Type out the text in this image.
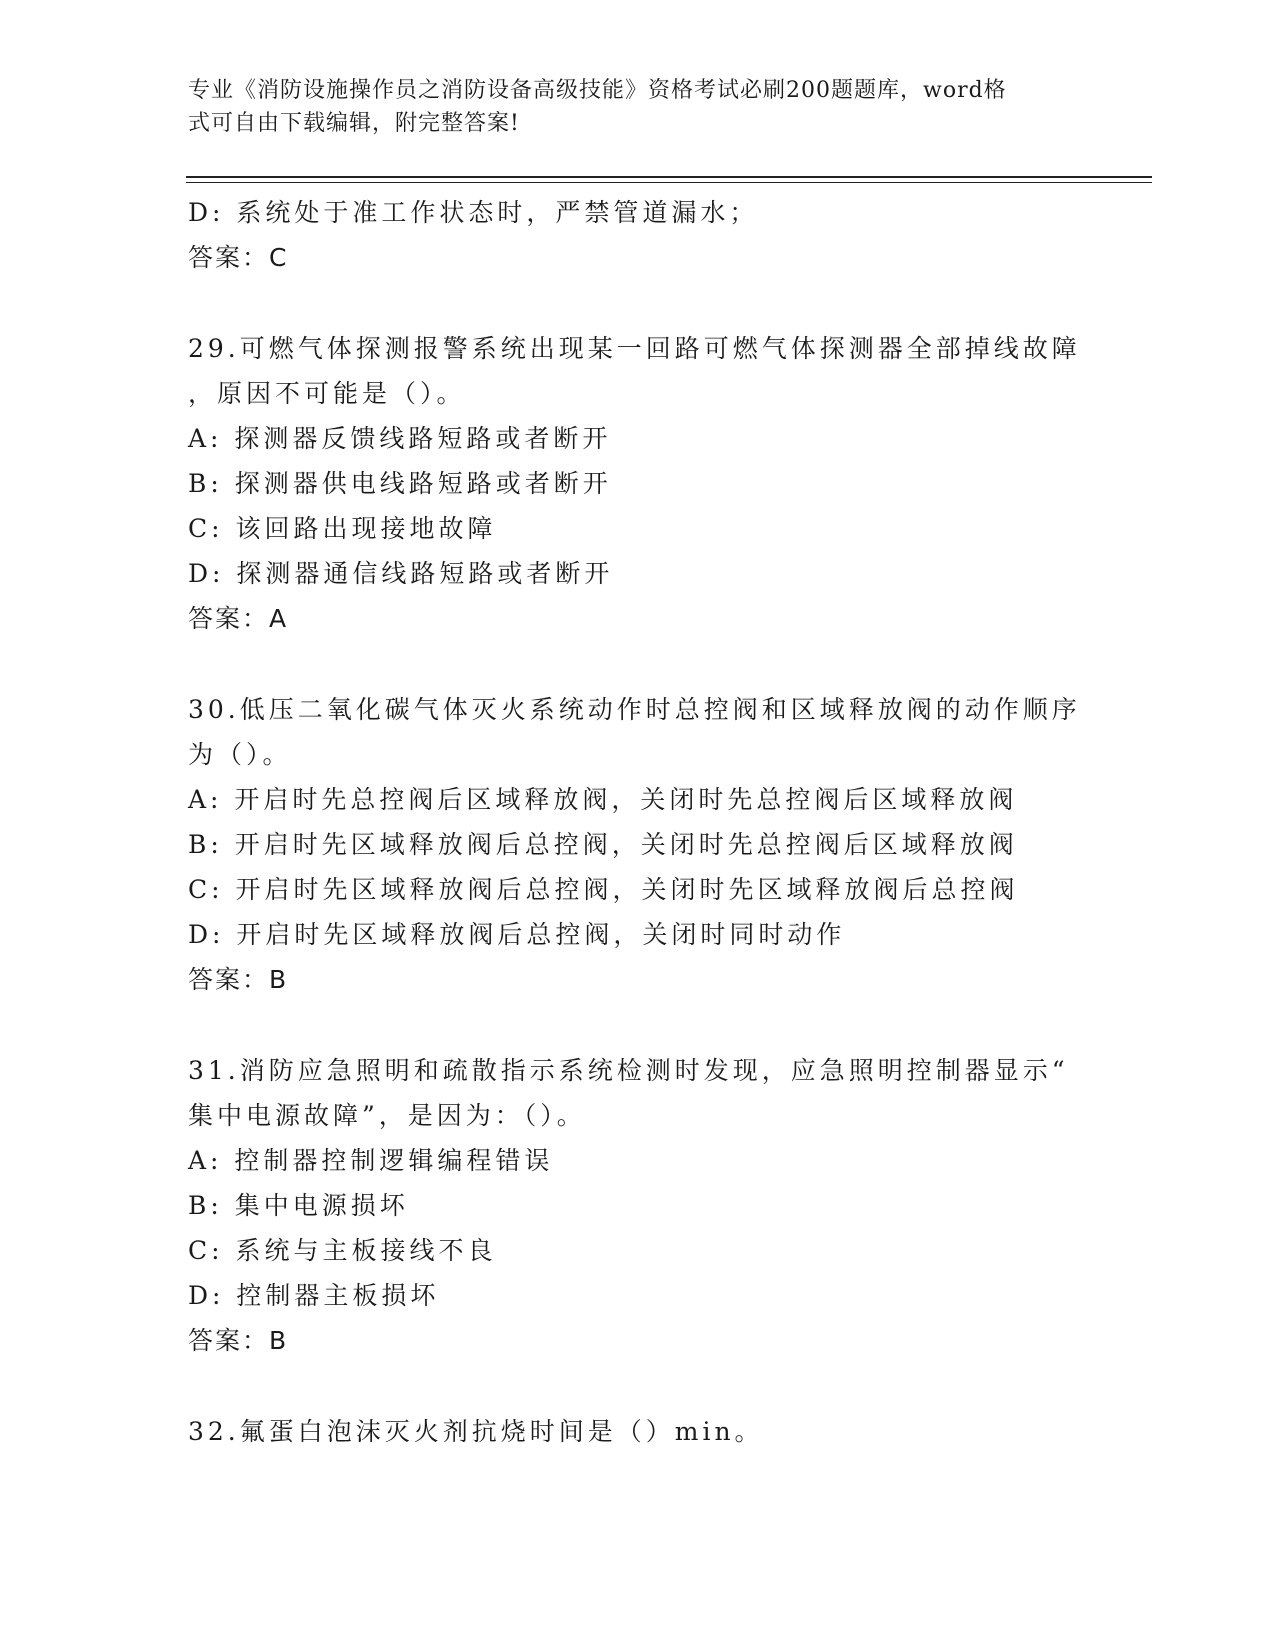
专业《消防设施操作员之消防设备高级技能》资格考试必刷200题题库，word格
式可自由下载编辑，附完整答案!
D: 系统处于准工作状态时，严禁管道漏水；
答案：C
29.可燃气体探测报警系统出现某一回路可燃气体探测器全部掉线故障
，原因不可能是（）。
A: 探测器反馈线路短路或者断开
B: 探测器供电线路短路或者断开
C: 该回路出现接地故障
D: 探测器通信线路短路或者断开
答案：A
30.低压二氧化碳气体灭火系统动作时总控阀和区域释放阀的动作顺序
为（）。
A: 开启时先总控阀后区域释放阀，关闭时先总控阀后区域释放阀
B: 开启时先区域释放阀后总控阀，关闭时先总控阀后区域释放阀
C: 开启时先区域释放阀后总控阀，关闭时先区域释放阀后总控阀
D: 开启时先区域释放阀后总控阀，关闭时同时动作
答案：B
31.消防应急照明和疏散指示系统检测时发现，应急照明控制器显示“
集中电源故障”，是因为：（）。
A: 控制器控制逻辑编程错误
B: 集中电源损坏
C: 系统与主板接线不良
D: 控制器主板损坏
答案：B
32.氟蛋白泡沫灭火剂抗烧时间是（）min。
